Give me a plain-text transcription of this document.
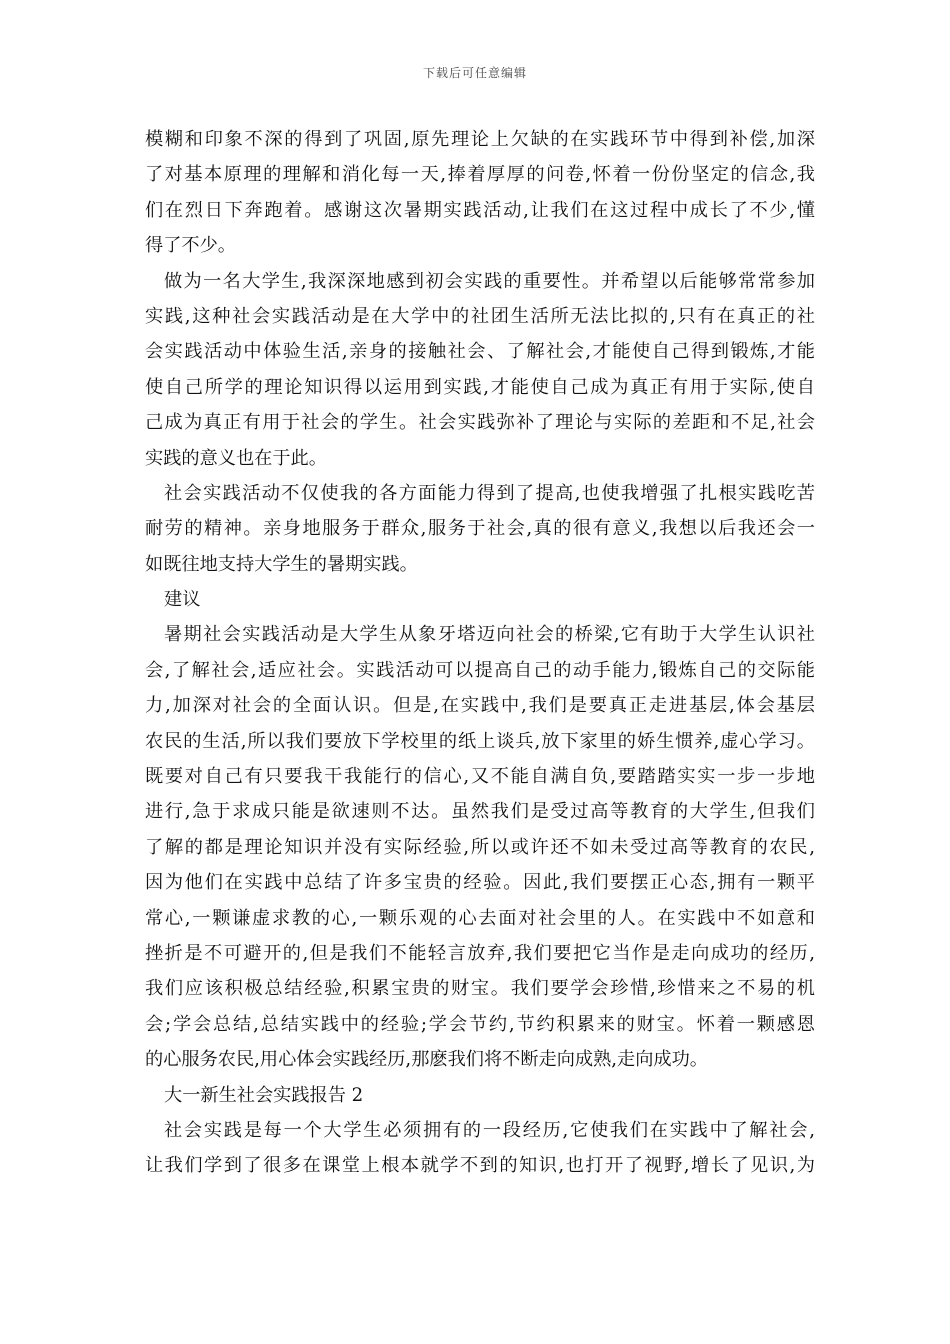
下载后可任意编辑
模糊和印象不深的得到了巩固,原先理论上欠缺的在实践环节中得到补偿,加深
了对基本原理的理解和消化每一天,捧着厚厚的问卷,怀着一份份坚定的信念,我
们在烈日下奔跑着。感谢这次暑期实践活动,让我们在这过程中成长了不少,懂
得了不少。
做为一名大学生,我深深地感到初会实践的重要性。并希望以后能够常常参加
实践,这种社会实践活动是在大学中的社团生活所无法比拟的,只有在真正的社
会实践活动中体验生活,亲身的接触社会、了解社会,才能使自己得到锻炼,才能
使自己所学的理论知识得以运用到实践,才能使自己成为真正有用于实际,使自
己成为真正有用于社会的学生。社会实践弥补了理论与实际的差距和不足,社会
实践的意义也在于此。
社会实践活动不仅使我的各方面能力得到了提高,也使我增强了扎根实践吃苦
耐劳的精神。亲身地服务于群众,服务于社会,真的很有意义,我想以后我还会一
如既往地支持大学生的暑期实践。
建议
暑期社会实践活动是大学生从象牙塔迈向社会的桥梁,它有助于大学生认识社
会,了解社会,适应社会。实践活动可以提高自己的动手能力,锻炼自己的交际能
力,加深对社会的全面认识。但是,在实践中,我们是要真正走进基层,体会基层
农民的生活,所以我们要放下学校里的纸上谈兵,放下家里的娇生惯养,虚心学习。
既要对自己有只要我干我能行的信心,又不能自满自负,要踏踏实实一步一步地
进行,急于求成只能是欲速则不达。虽然我们是受过高等教育的大学生,但我们
了解的都是理论知识并没有实际经验,所以或许还不如未受过高等教育的农民,
因为他们在实践中总结了许多宝贵的经验。因此,我们要摆正心态,拥有一颗平
常心,一颗谦虚求教的心,一颗乐观的心去面对社会里的人。在实践中不如意和
挫折是不可避开的,但是我们不能轻言放弃,我们要把它当作是走向成功的经历,
我们应该积极总结经验,积累宝贵的财宝。我们要学会珍惜,珍惜来之不易的机
会;学会总结,总结实践中的经验;学会节约,节约积累来的财宝。怀着一颗感恩
的心服务农民,用心体会实践经历,那麽我们将不断走向成熟,走向成功。
大一新生社会实践报告 2
社会实践是每一个大学生必须拥有的一段经历,它使我们在实践中了解社会,
让我们学到了很多在课堂上根本就学不到的知识,也打开了视野,增长了见识,为
